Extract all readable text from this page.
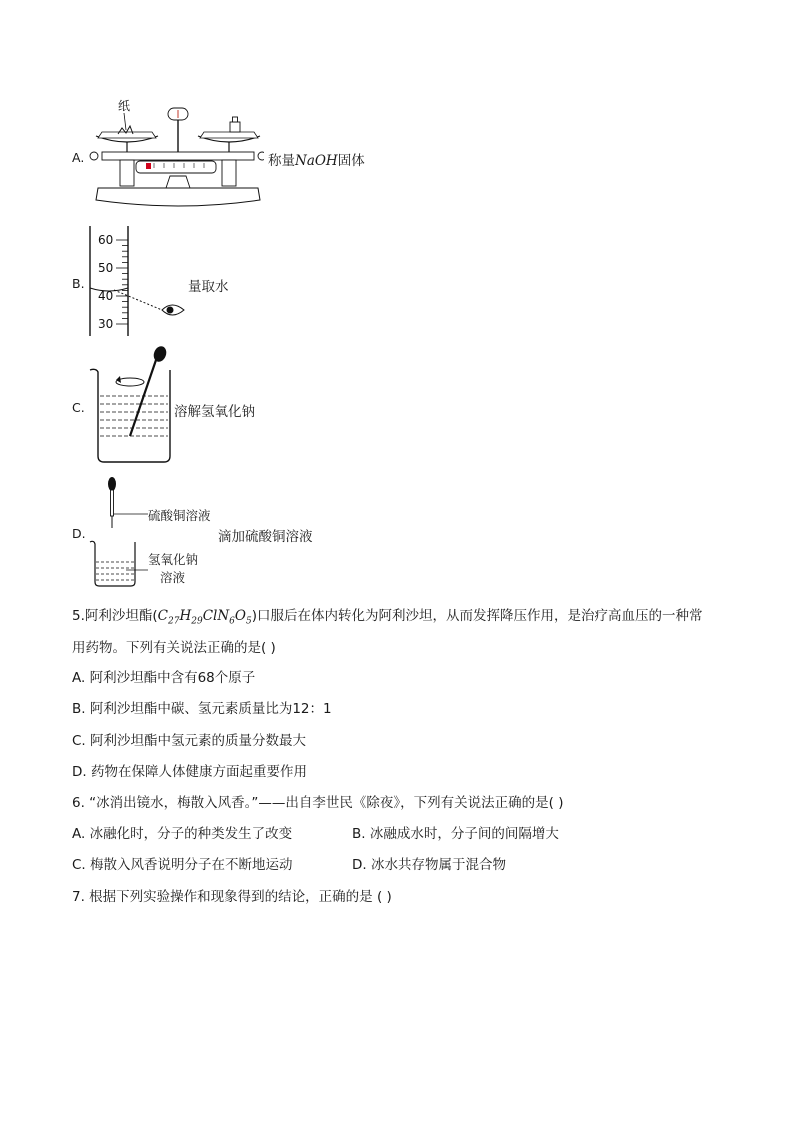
A.
纸
称量NaOH固体
B.
60
50
40
30
量取水
C.	溶解氢氧化钠
D.
硫酸铜溶液
滴加硫酸铜溶液
氢氧化钠
溶液
5.阿利沙坦酯$(C_{27}H_{29}ClN_6O_5)$口服后在体内转化为阿利沙坦，从而发挥降压作用，是治疗高血压的一种常
用药物。下列有关说法正确的是( )
A. 阿利沙坦酯中含有68个原子
B. 阿利沙坦酯中碳、氢元素质量比为12：1
C. 阿利沙坦酯中氢元素的质量分数最大
D. 药物在保障人体健康方面起重要作用
6. “冰消出镜水，梅散入风香。”——出自李世民《除夜》，下列有关说法正确的是( )
A. 冰融化时，分子的种类发生了改变	B. 冰融成水时，分子间的间隔增大
C. 梅散入风香说明分子在不断地运动	D. 冰水共存物属于混合物
7. 根据下列实验操作和现象得到的结论，正确的是 ( )
